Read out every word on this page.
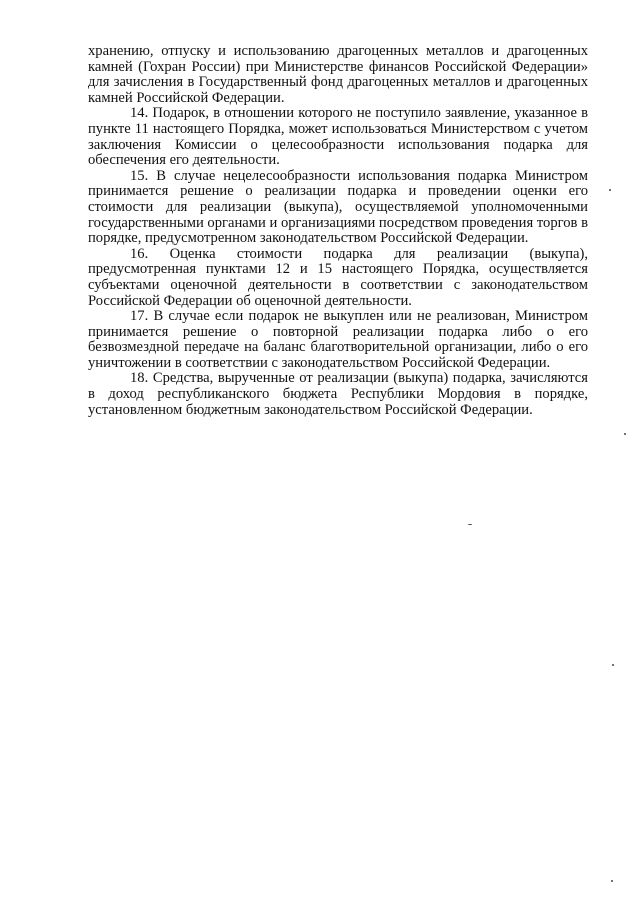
хранению, отпуску и использованию драгоценных металлов и драгоценных камней (Гохран России) при Министерстве финансов Российской Федерации» для зачисления в Государственный фонд драгоценных металлов и драгоценных камней Российской Федерации.

14. Подарок, в отношении которого не поступило заявление, указанное в пункте 11 настоящего Порядка, может использоваться Министерством с учетом заключения Комиссии о целесообразности использования подарка для обеспечения его деятельности.

15. В случае нецелесообразности использования подарка Министром принимается решение о реализации подарка и проведении оценки его стоимости для реализации (выкупа), осуществляемой уполномоченными государственными органами и организациями посредством проведения торгов в порядке, предусмотренном законодательством Российской Федерации.

16. Оценка стоимости подарка для реализации (выкупа), предусмотренная пунктами 12 и 15 настоящего Порядка, осуществляется субъектами оценочной деятельности в соответствии с законодательством Российской Федерации об оценочной деятельности.

17. В случае если подарок не выкуплен или не реализован, Министром принимается решение о повторной реализации подарка либо о его безвозмездной передаче на баланс благотворительной организации, либо о его уничтожении в соответствии с законодательством Российской Федерации.

18. Средства, вырученные от реализации (выкупа) подарка, зачисляются в доход республиканского бюджета Республики Мордовия в порядке, установленном бюджетным законодательством Российской Федерации.
